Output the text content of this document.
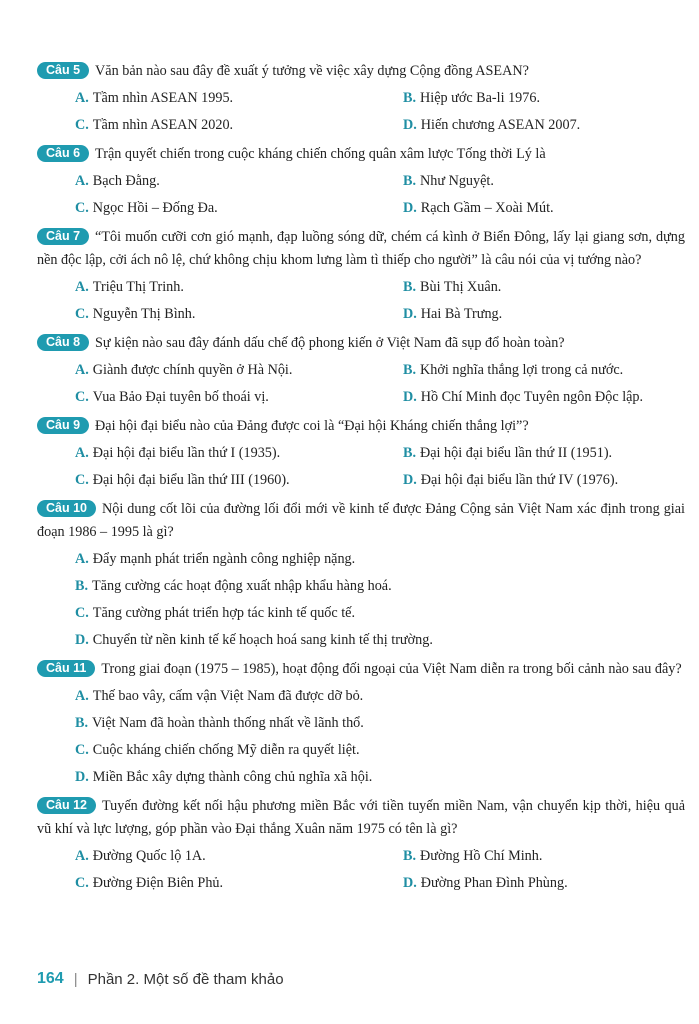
Câu 5 Văn bản nào sau đây đề xuất ý tưởng về việc xây dựng Cộng đồng ASEAN?

A. Tầm nhìn ASEAN 1995.	B. Hiệp ước Ba-li 1976.
C. Tầm nhìn ASEAN 2020.	D. Hiến chương ASEAN 2007.

Câu 6 Trận quyết chiến trong cuộc kháng chiến chống quân xâm lược Tống thời Lý là

A. Bạch Đằng.	B. Như Nguyệt.
C. Ngọc Hồi – Đống Đa.	D. Rạch Gầm – Xoài Mút.

Câu 7 “Tôi muốn cưỡi cơn gió mạnh, đạp luồng sóng dữ, chém cá kình ở Biển Đông, lấy lại giang sơn, dựng nền độc lập, cởi ách nô lệ, chứ không chịu khom lưng làm tì thiếp cho người” là câu nói của vị tướng nào?

A. Triệu Thị Trinh.	B. Bùi Thị Xuân.
C. Nguyễn Thị Bình.	D. Hai Bà Trưng.

Câu 8 Sự kiện nào sau đây đánh dấu chế độ phong kiến ở Việt Nam đã sụp đổ hoàn toàn?

A. Giành được chính quyền ở Hà Nội.	B. Khởi nghĩa thắng lợi trong cả nước.
C. Vua Bảo Đại tuyên bố thoái vị.	D. Hồ Chí Minh đọc Tuyên ngôn Độc lập.

Câu 9 Đại hội đại biểu nào của Đảng được coi là “Đại hội Kháng chiến thắng lợi”?

A. Đại hội đại biểu lần thứ I (1935).	B. Đại hội đại biểu lần thứ II (1951).
C. Đại hội đại biểu lần thứ III (1960).	D. Đại hội đại biểu lần thứ IV (1976).

Câu 10 Nội dung cốt lõi của đường lối đổi mới về kinh tế được Đảng Cộng sản Việt Nam xác định trong giai đoạn 1986 – 1995 là gì?

A. Đẩy mạnh phát triển ngành công nghiệp nặng.
B. Tăng cường các hoạt động xuất nhập khẩu hàng hoá.
C. Tăng cường phát triển hợp tác kinh tế quốc tế.
D. Chuyển từ nền kinh tế kế hoạch hoá sang kinh tế thị trường.

Câu 11 Trong giai đoạn (1975 – 1985), hoạt động đối ngoại của Việt Nam diễn ra trong bối cảnh nào sau đây?

A. Thế bao vây, cấm vận Việt Nam đã được dỡ bỏ.
B. Việt Nam đã hoàn thành thống nhất về lãnh thổ.
C. Cuộc kháng chiến chống Mỹ diễn ra quyết liệt.
D. Miền Bắc xây dựng thành công chủ nghĩa xã hội.

Câu 12 Tuyến đường kết nối hậu phương miền Bắc với tiền tuyến miền Nam, vận chuyển kịp thời, hiệu quả vũ khí và lực lượng, góp phần vào Đại thắng Xuân năm 1975 có tên là gì?

A. Đường Quốc lộ 1A.	B. Đường Hồ Chí Minh.
C. Đường Điện Biên Phủ.	D. Đường Phan Đình Phùng.
164 | Phần 2. Một số đề tham khảo
